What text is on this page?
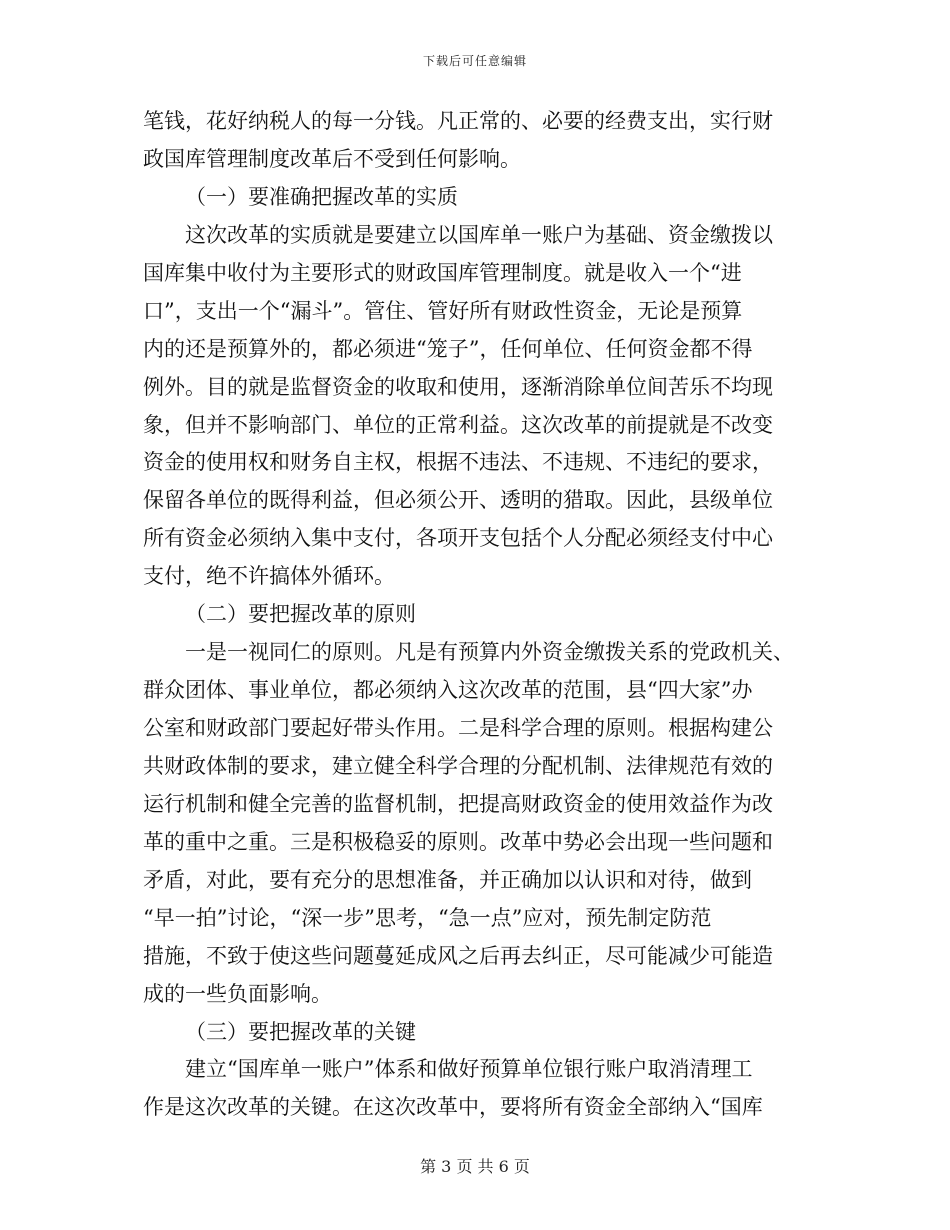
下载后可任意编辑
笔钱，花好纳税人的每一分钱。凡正常的、必要的经费支出，实行财
政国库管理制度改革后不受到任何影响。
（一）要准确把握改革的实质
这次改革的实质就是要建立以国库单一账户为基础、资金缴拨以
国库集中收付为主要形式的财政国库管理制度。就是收入一个“进
口”，支出一个“漏斗”。管住、管好所有财政性资金，无论是预算
内的还是预算外的，都必须进“笼子”，任何单位、任何资金都不得
例外。目的就是监督资金的收取和使用，逐渐消除单位间苦乐不均现
象，但并不影响部门、单位的正常利益。这次改革的前提就是不改变
资金的使用权和财务自主权，根据不违法、不违规、不违纪的要求，
保留各单位的既得利益，但必须公开、透明的猎取。因此，县级单位
所有资金必须纳入集中支付，各项开支包括个人分配必须经支付中心
支付，绝不许搞体外循环。
（二）要把握改革的原则
一是一视同仁的原则。凡是有预算内外资金缴拨关系的党政机关、
群众团体、事业单位，都必须纳入这次改革的范围，县“四大家”办
公室和财政部门要起好带头作用。二是科学合理的原则。根据构建公
共财政体制的要求，建立健全科学合理的分配机制、法律规范有效的
运行机制和健全完善的监督机制，把提高财政资金的使用效益作为改
革的重中之重。三是积极稳妥的原则。改革中势必会出现一些问题和
矛盾，对此，要有充分的思想准备，并正确加以认识和对待，做到
“早一拍”讨论，“深一步”思考，“急一点”应对，预先制定防范
措施，不致于使这些问题蔓延成风之后再去纠正，尽可能减少可能造
成的一些负面影响。
（三）要把握改革的关键
建立“国库单一账户”体系和做好预算单位银行账户取消清理工
作是这次改革的关键。在这次改革中，要将所有资金全部纳入“国库
第 3 页 共 6 页
